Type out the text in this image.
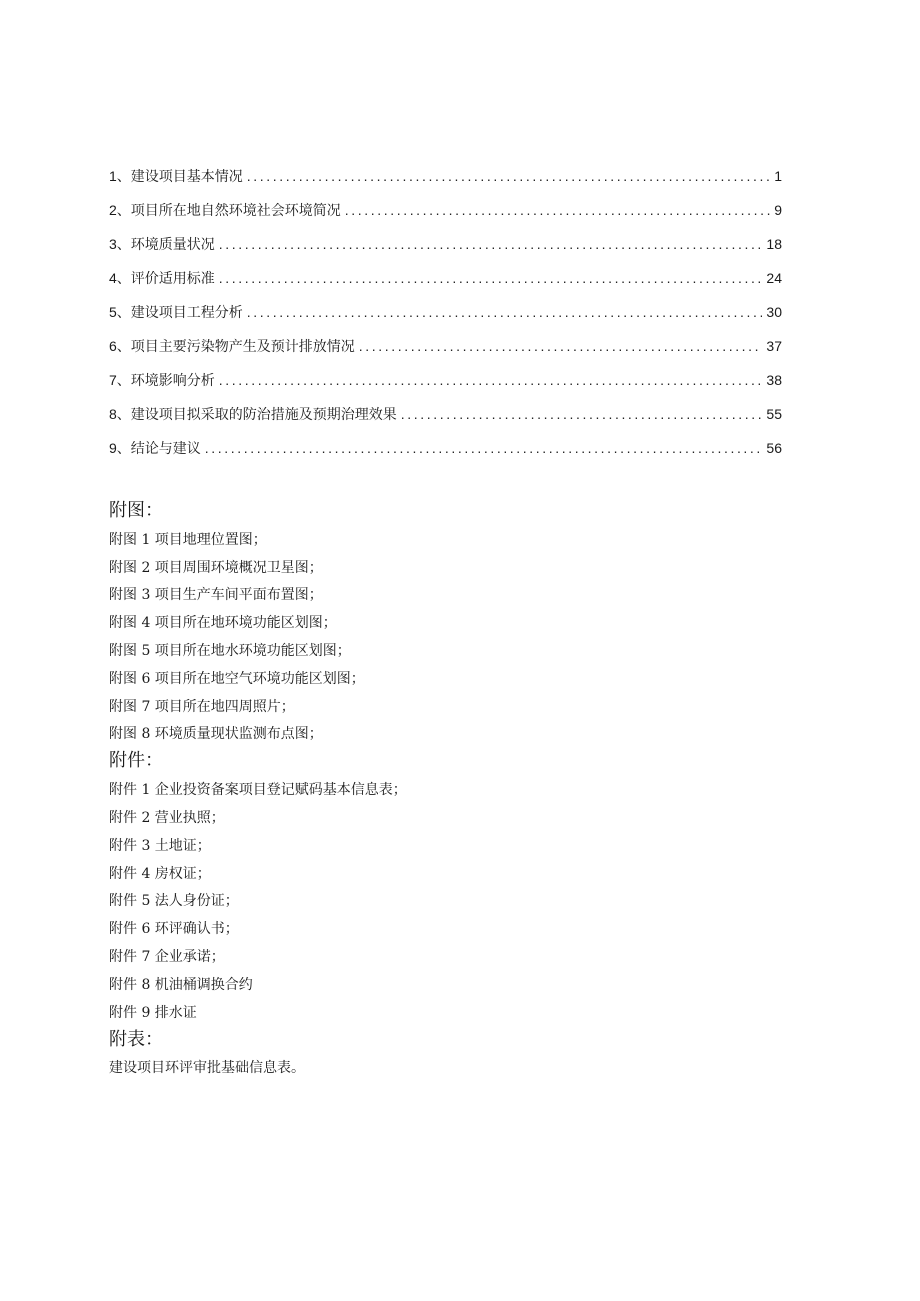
1、建设项目基本情况 .....	1
2、项目所在地自然环境社会环境简况 .....	9
3、环境质量状况 .....	18
4、评价适用标准 .....	24
5、建设项目工程分析 .....	30
6、项目主要污染物产生及预计排放情况 .....	37
7、环境影响分析 .....	38
8、建设项目拟采取的防治措施及预期治理效果 .....	55
9、结论与建议 .....	56
附图：
附图 1 项目地理位置图；
附图 2 项目周围环境概况卫星图；
附图 3 项目生产车间平面布置图；
附图 4 项目所在地环境功能区划图；
附图 5 项目所在地水环境功能区划图；
附图 6 项目所在地空气环境功能区划图；
附图 7 项目所在地四周照片；
附图 8 环境质量现状监测布点图；
附件：
附件 1 企业投资备案项目登记赋码基本信息表；
附件 2 营业执照；
附件 3 土地证；
附件 4 房权证；
附件 5 法人身份证；
附件 6 环评确认书；
附件 7 企业承诺；
附件 8 机油桶调换合约
附件 9 排水证
附表：
建设项目环评审批基础信息表。
